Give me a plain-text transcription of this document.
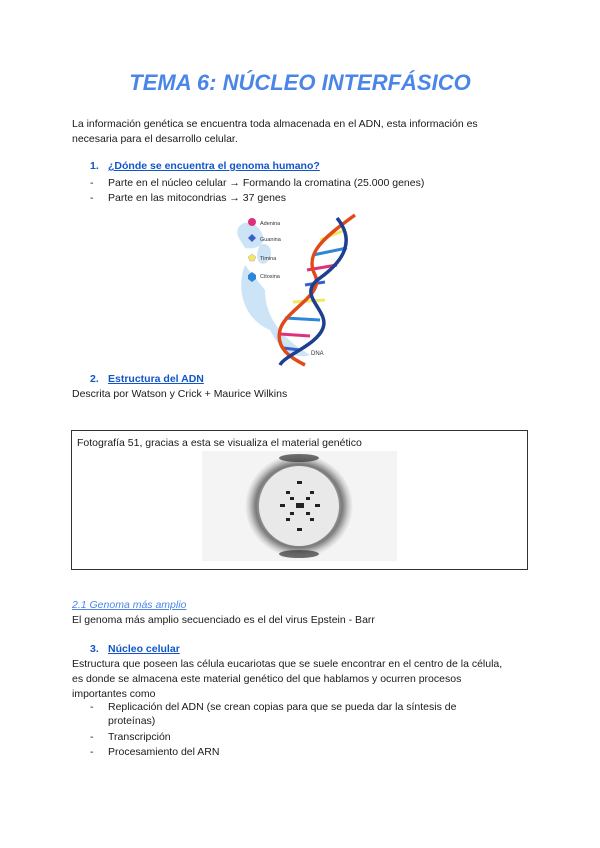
TEMA 6: NÚCLEO INTERFÁSICO

La información genética se encuentra toda almacenada en el ADN, esta información es
necesaria para el desarrollo celular.

1. ¿Dónde se encuentra el genoma humano?
- Parte en el núcleo celular → Formando la cromatina (25.000 genes)
- Parte en las mitocondrias → 37 genes
Adenina
Guanina
Timina
Citosina
DNA
2. Estructura del ADN

Descrita por Watson y Crick + Maurice Wilkins

Fotografía 51, gracias a esta se visualiza el material genético
2.1 Genoma más amplio

El genoma más amplio secuenciado es el del virus Epstein - Barr

3. Núcleo celular

Estructura que poseen las célula eucariotas que se suele encontrar en el centro de la célula,
es donde se almacena este material genético del que hablamos y ocurren procesos
importantes como

- Replicación del ADN (se crean copias para que se pueda dar la síntesis de
proteínas)
- Transcripción
- Procesamiento del ARN
